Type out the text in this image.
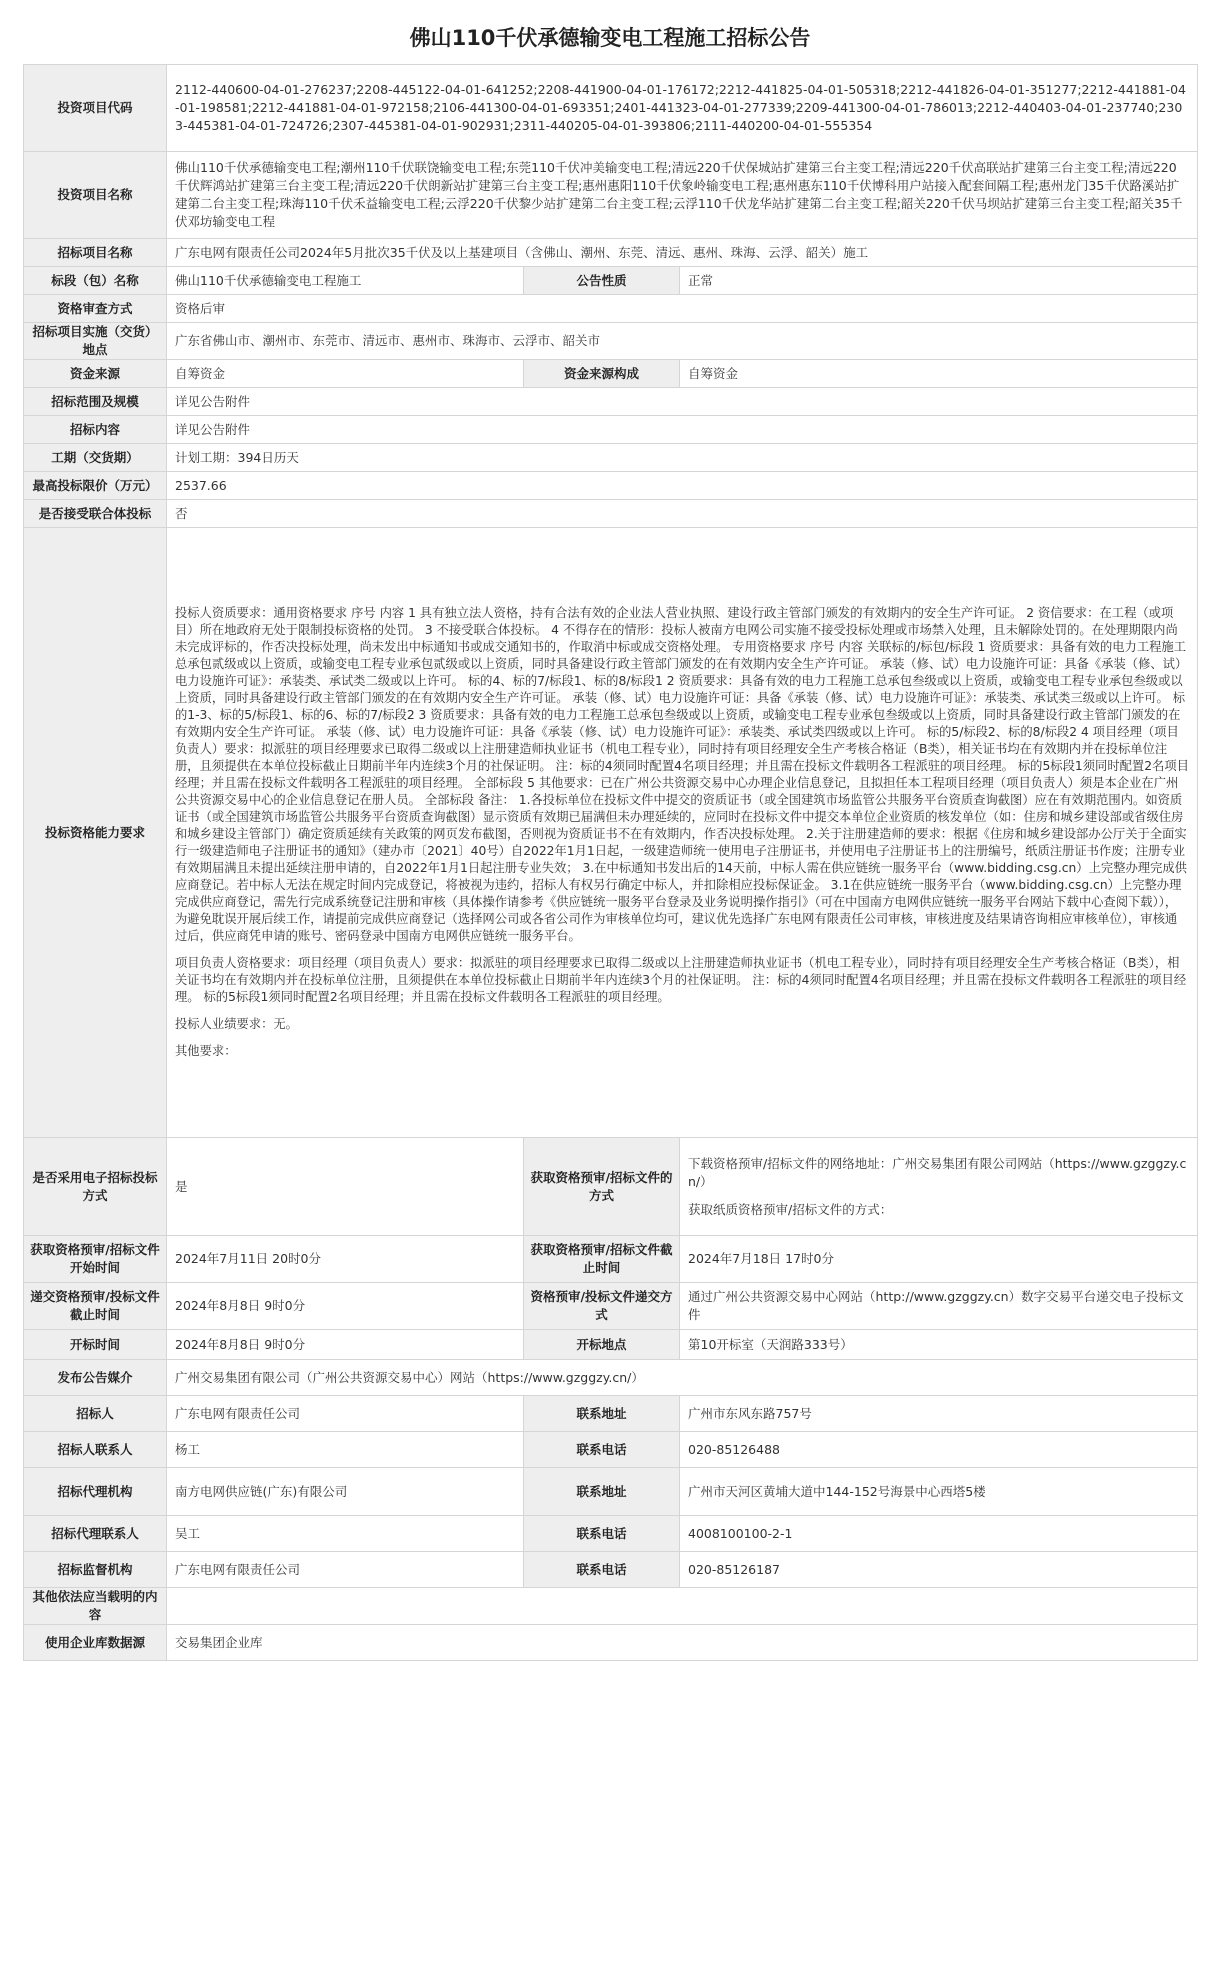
佛山110千伏承德输变电工程施工招标公告
投资项目代码	2112-440600-04-01-276237;2208-445122-04-01-641252;2208-441900-04-01-176172;2212-441825-04-01-505318;2212-441826-04-01-351277;2212-441881-04-01-198581;2212-441881-04-01-972158;2106-441300-04-01-693351;2401-441323-04-01-277339;2209-441300-04-01-786013;2212-440403-04-01-237740;2303-445381-04-01-724726;2307-445381-04-01-902931;2311-440205-04-01-393806;2111-440200-04-01-555354		
投资项目名称	佛山110千伏承德输变电工程;潮州110千伏联饶输变电工程;东莞110千伏冲美输变电工程;清远220千伏保城站扩建第三台主变工程;清远220千伏高联站扩建第三台主变工程;清远220千伏辉鸿站扩建第三台主变工程;清远220千伏朗新站扩建第三台主变工程;惠州惠阳110千伏象岭输变电工程;惠州惠东110千伏博科用户站接入配套间隔工程;惠州龙门35千伏路溪站扩建第二台主变工程;珠海110千伏禾益输变电工程;云浮220千伏黎少站扩建第二台主变工程;云浮110千伏龙华站扩建第二台主变工程;韶关220千伏马坝站扩建第三台主变工程;韶关35千伏邓坊输变电工程		
招标项目名称	广东电网有限责任公司2024年5月批次35千伏及以上基建项目（含佛山、潮州、东莞、清远、惠州、珠海、云浮、韶关）施工		
标段（包）名称	佛山110千伏承德输变电工程施工	公告性质	正常
资格审查方式	资格后审		
招标项目实施（交货）地点	广东省佛山市、潮州市、东莞市、清远市、惠州市、珠海市、云浮市、韶关市		
资金来源	自筹资金	资金来源构成	自筹资金
招标范围及规模	详见公告附件		
招标内容	详见公告附件		
工期（交货期）	计划工期：394日历天		
最高投标限价（万元）	2537.66		
是否接受联合体投标	否		
投标资格能力要求	投标人资质要求：通用资格要求 序号 内容 1 具有独立法人资格，持有合法有效的企业法人营业执照、建设行政主管部门颁发的有效期内的安全生产许可证。 2 资信要求：在工程（或项目）所在地政府无处于限制投标资格的处罚。 3 不接受联合体投标。 4 不得存在的情形：投标人被南方电网公司实施不接受投标处理或市场禁入处理，且未解除处罚的。在处理期限内尚未完成评标的，作否决投标处理，尚未发出中标通知书或成交通知书的，作取消中标或成交资格处理。 专用资格要求 序号 内容 关联标的/标包/标段 1 资质要求：具备有效的电力工程施工总承包贰级或以上资质，或输变电工程专业承包贰级或以上资质，同时具备建设行政主管部门颁发的在有效期内安全生产许可证。 承装（修、试）电力设施许可证：具备《承装（修、试）电力设施许可证》：承装类、承试类二级或以上许可。 标的4、标的7/标段1、标的8/标段1 2 资质要求：具备有效的电力工程施工总承包叁级或以上资质，或输变电工程专业承包叁级或以上资质，同时具备建设行政主管部门颁发的在有效期内安全生产许可证。 承装（修、试）电力设施许可证：具备《承装（修、试）电力设施许可证》：承装类、承试类三级或以上许可。 标的1-3、标的5/标段1、标的6、标的7/标段2 3 资质要求：具备有效的电力工程施工总承包叁级或以上资质，或输变电工程专业承包叁级或以上资质，同时具备建设行政主管部门颁发的在有效期内安全生产许可证。 承装（修、试）电力设施许可证：具备《承装（修、试）电力设施许可证》：承装类、承试类四级或以上许可。 标的5/标段2、标的8/标段2 4 项目经理（项目负责人）要求：拟派驻的项目经理要求已取得二级或以上注册建造师执业证书（机电工程专业），同时持有项目经理安全生产考核合格证（B类），相关证书均在有效期内并在投标单位注册，且须提供在本单位投标截止日期前半年内连续3个月的社保证明。 注：标的4须同时配置4名项目经理；并且需在投标文件载明各工程派驻的项目经理。 标的5标段1须同时配置2名项目经理；并且需在投标文件载明各工程派驻的项目经理。 全部标段 5 其他要求：已在广州公共资源交易中心办理企业信息登记，且拟担任本工程项目经理（项目负责人）须是本企业在广州公共资源交易中心的企业信息登记在册人员。 全部标段 备注： 1.各投标单位在投标文件中提交的资质证书（或全国建筑市场监管公共服务平台资质查询截图）应在有效期范围内。如资质证书（或全国建筑市场监管公共服务平台资质查询截图）显示资质有效期已届满但未办理延续的，应同时在投标文件中提交本单位企业资质的核发单位（如：住房和城乡建设部或省级住房和城乡建设主管部门）确定资质延续有关政策的网页发布截图，否则视为资质证书不在有效期内，作否决投标处理。 2.关于注册建造师的要求：根据《住房和城乡建设部办公厅关于全面实行一级建造师电子注册证书的通知》（建办市〔2021〕40号）自2022年1月1日起，一级建造师统一使用电子注册证书，并使用电子注册证书上的注册编号，纸质注册证书作废；注册专业有效期届满且未提出延续注册申请的，自2022年1月1日起注册专业失效； 3.在中标通知书发出后的14天前，中标人需在供应链统一服务平台（www.bidding.csg.cn）上完整办理完成供应商登记。若中标人无法在规定时间内完成登记，将被视为违约，招标人有权另行确定中标人，并扣除相应投标保证金。 3.1在供应链统一服务平台（www.bidding.csg.cn）上完整办理完成供应商登记，需先行完成系统登记注册和审核（具体操作请参考《供应链统一服务平台登录及业务说明操作指引》（可在中国南方电网供应链统一服务平台网站下载中心查阅下载）），为避免耽误开展后续工作，请提前完成供应商登记（选择网公司或各省公司作为审核单位均可，建议优先选择广东电网有限责任公司审核，审核进度及结果请咨询相应审核单位），审核通过后，供应商凭申请的账号、密码登录中国南方电网供应链统一服务平台。

项目负责人资格要求：项目经理（项目负责人）要求：拟派驻的项目经理要求已取得二级或以上注册建造师执业证书（机电工程专业），同时持有项目经理安全生产考核合格证（B类），相关证书均在有效期内并在投标单位注册，且须提供在本单位投标截止日期前半年内连续3个月的社保证明。 注：标的4须同时配置4名项目经理；并且需在投标文件载明各工程派驻的项目经理。 标的5标段1须同时配置2名项目经理；并且需在投标文件载明各工程派驻的项目经理。

投标人业绩要求：无。

其他要求：		

是否采用电子招标投标方式	是	获取资格预审/招标文件的方式	下载资格预审/招标文件的网络地址：广州交易集团有限公司网站（https://www.gzggzy.cn/）
获取纸质资格预审/招标文件的方式：

获取资格预审/招标文件开始时间	2024年7月11日 20时0分	获取资格预审/招标文件截止时间	2024年7月18日 17时0分
递交资格预审/投标文件截止时间	2024年8月8日 9时0分	资格预审/投标文件递交方式	通过广州公共资源交易中心网站（http://www.gzggzy.cn）数字交易平台递交电子投标文件
开标时间	2024年8月8日 9时0分	开标地点	第10开标室（天润路333号）
发布公告媒介	广州交易集团有限公司（广州公共资源交易中心）网站（https://www.gzggzy.cn/）		
招标人	广东电网有限责任公司	联系地址	广州市东风东路757号
招标人联系人	杨工	联系电话	020-85126488
招标代理机构	南方电网供应链(广东)有限公司	联系地址	广州市天河区黄埔大道中144-152号海景中心西塔5楼
招标代理联系人	吴工	联系电话	4008100100-2-1
招标监督机构	广东电网有限责任公司	联系电话	020-85126187
其他依法应当载明的内容			
使用企业库数据源	交易集团企业库		
